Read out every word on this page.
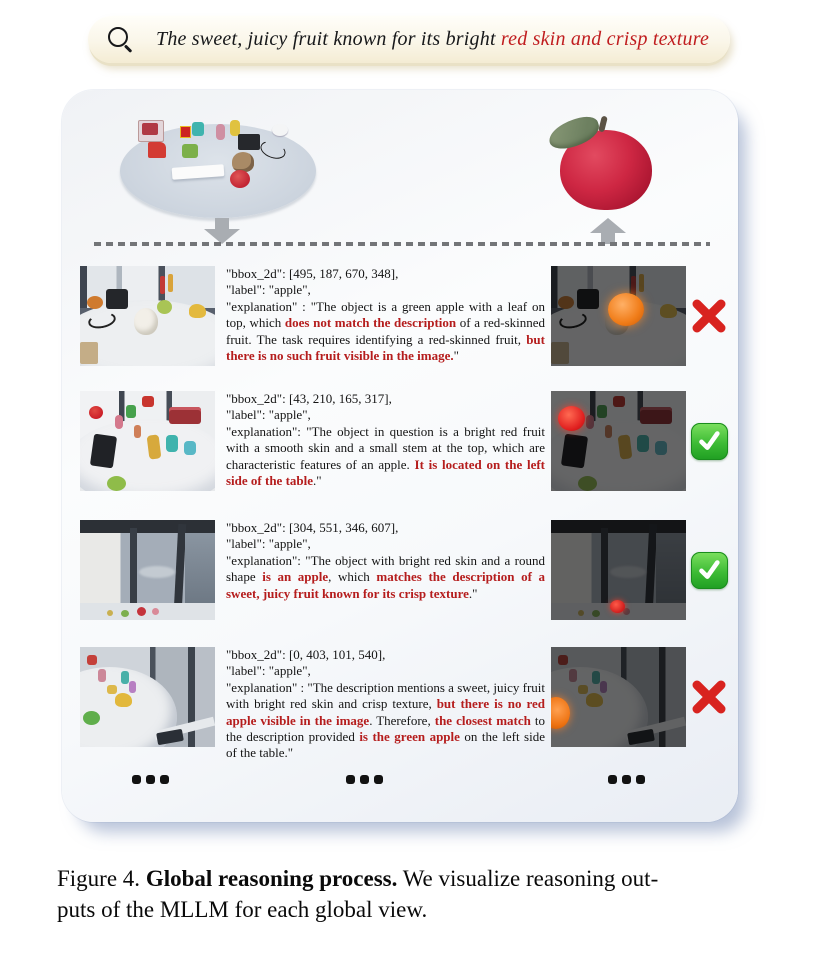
The sweet, juicy fruit known for its bright red skin and crisp texture
"bbox_2d": [495, 187, 670, 348],
"label": "apple",
"explanation" : "The object is a green apple with a leaf on top, which does not match the description of a red-skinned fruit. The task requires identifying a red-skinned fruit, but there is no such fruit visible in the image."
"bbox_2d": [43, 210, 165, 317],
"label": "apple",
"explanation": "The object in question is a bright red fruit with a smooth skin and a small stem at the top, which are characteristic features of an apple. It is located on the left side of the table."
"bbox_2d": [304, 551, 346, 607],
"label": "apple",
"explanation": "The object with bright red skin and a round shape is an apple, which matches the description of a sweet, juicy fruit known for its crisp texture."
"bbox_2d": [0, 403, 101, 540],
"label": "apple",
"explanation" : "The description mentions a sweet, juicy fruit with bright red skin and crisp texture, but there is no red apple visible in the image. Therefore, the closest match to the description provided is the green apple on the left side of the table."
Figure 4. Global reasoning process. We visualize reasoning out-
puts of the MLLM for each global view.
